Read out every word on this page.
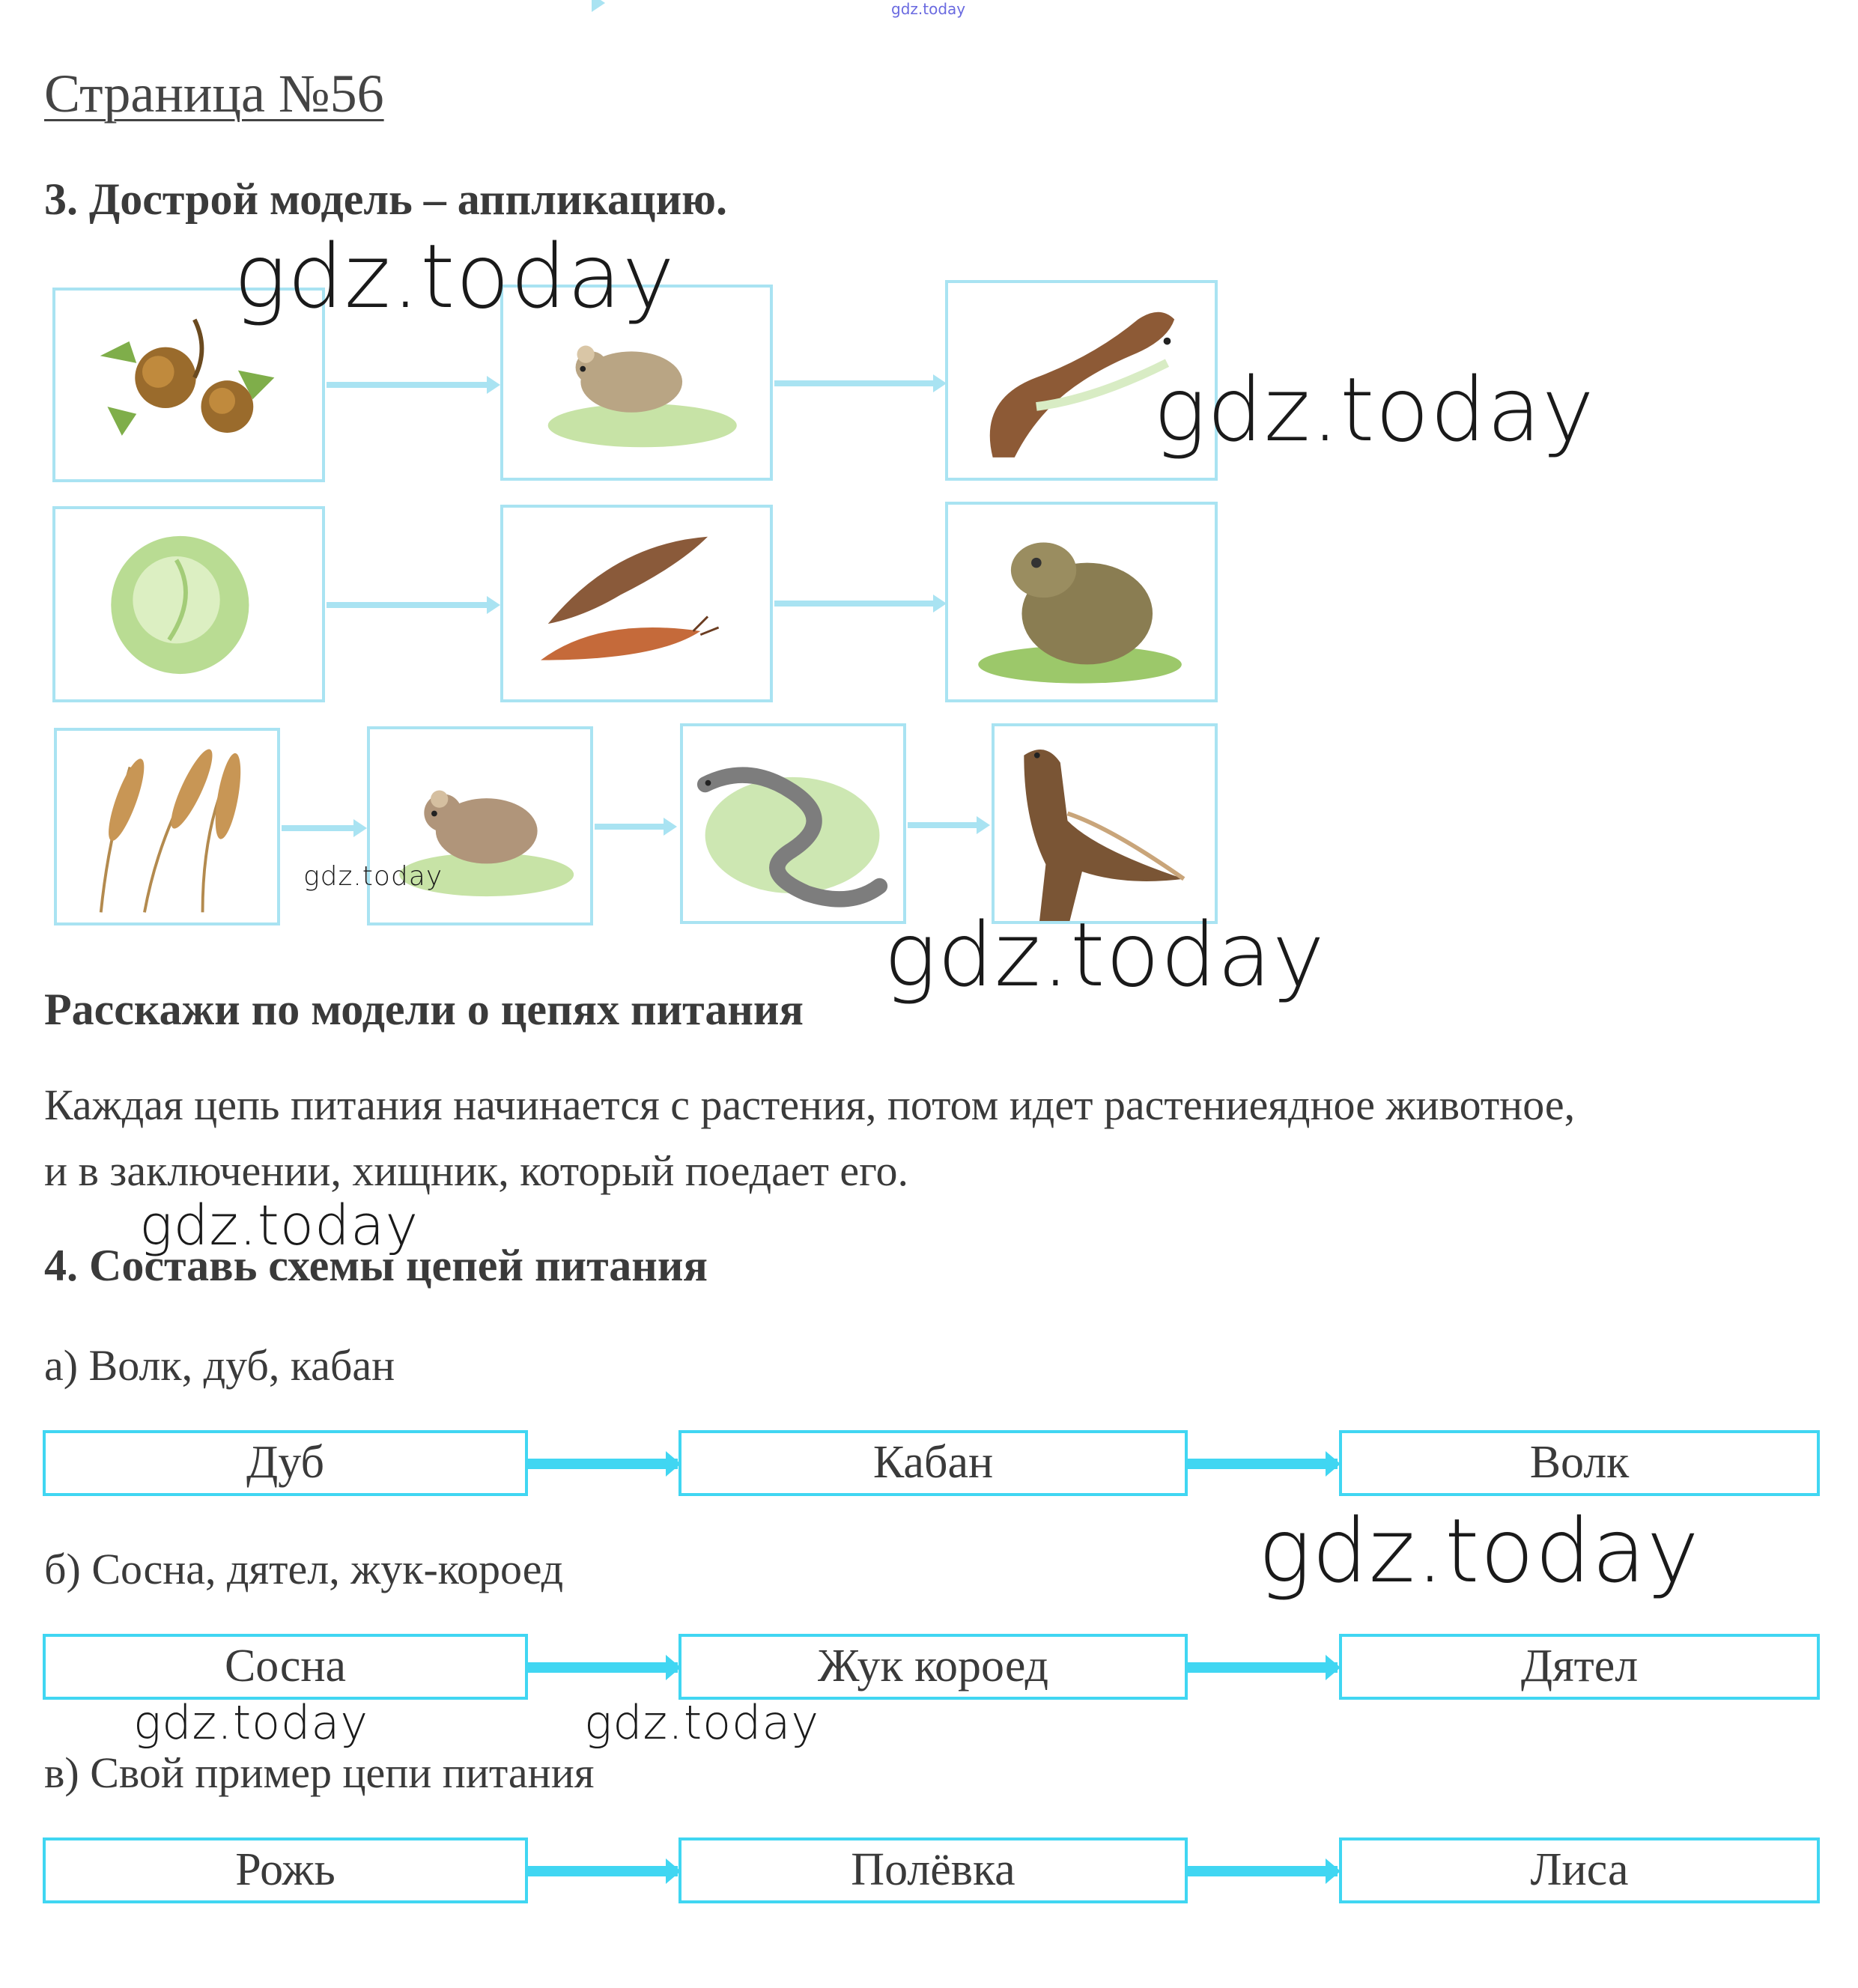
gdz.today
Страница №56
3. Дострой модель – аппликацию.
Расскажи по модели о цепях питания
Каждая цепь питания начинается с растения, потом идет растениеядное животное,
и в заключении, хищник, который поедает его.
4. Составь схемы цепей питания
а) Волк, дуб, кабан
Дуб	Кабан	Волк
б) Сосна, дятел, жук-короед
Сосна	Жук короед	Дятел
в) Свой пример цепи питания
Рожь	Полёвка	Лиса
gdz.today
gdz.today
gdz.today
gdz.today
gdz.today
gdz.today
gdz.today	gdz.today
